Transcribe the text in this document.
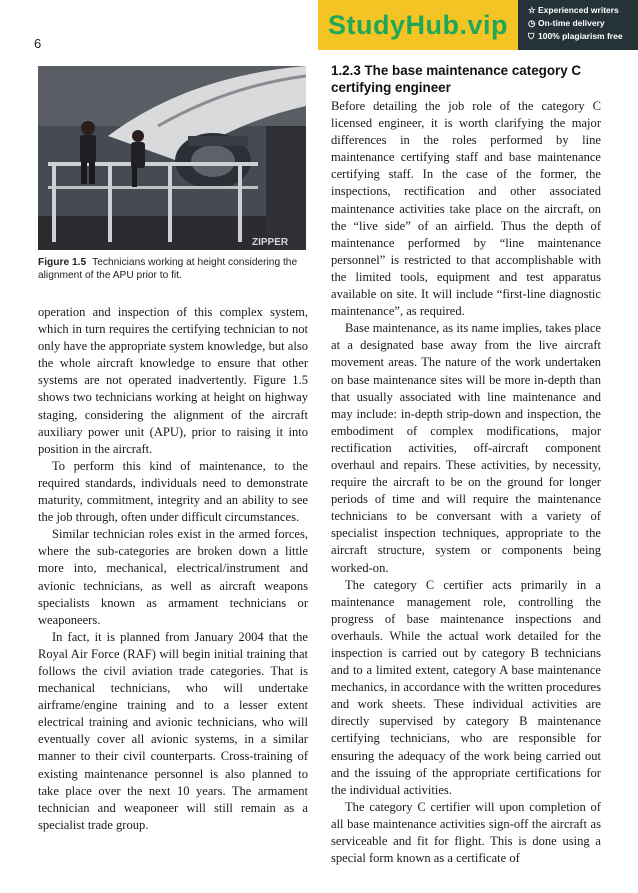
6
StudyHub.vip	☆ Experienced writers
◷ On-time delivery
⛉ 100% plagiarism free
ZIPPER
Figure 1.5 Technicians working at height considering the alignment of the APU prior to fit.

operation and inspection of this complex system, which in turn requires the certifying technician to not only have the appropriate system knowledge, but also the whole aircraft knowledge to ensure that other systems are not operated inadvertently. Figure 1.5 shows two technicians working at height on highway staging, considering the alignment of the aircraft auxiliary power unit (APU), prior to raising it into position in the aircraft.

To perform this kind of maintenance, to the required standards, individuals need to demonstrate maturity, commitment, integrity and an ability to see the job through, often under difficult circumstances.

Similar technician roles exist in the armed forces, where the sub-categories are broken down a little more into, mechanical, electrical/instrument and avionic technicians, as well as aircraft weapons specialists known as armament technicians or weaponeers.

In fact, it is planned from January 2004 that the Royal Air Force (RAF) will begin initial training that follows the civil aviation trade categories. That is mechanical technicians, who will undertake airframe/engine training and to a lesser extent electrical training and avionic technicians, who will eventually cover all avionic systems, in a similar manner to their civil counterparts. Cross-training of existing maintenance personnel is also planned to take place over the next 10 years. The armament technician and weaponeer will still remain as a specialist trade group.

1.2.3 The base maintenance category C certifying engineer

Before detailing the job role of the category C licensed engineer, it is worth clarifying the major differences in the roles performed by line maintenance certifying staff and base maintenance certifying staff. In the case of the former, the inspections, rectification and other associated maintenance activities take place on the aircraft, on the “live side” of an airfield. Thus the depth of maintenance performed by “line maintenance personnel” is restricted to that accomplishable with the limited tools, equipment and test apparatus available on site. It will include “first-line diagnostic maintenance”, as required.

Base maintenance, as its name implies, takes place at a designated base away from the live aircraft movement areas. The nature of the work undertaken on base maintenance sites will be more in-depth than that usually associated with line maintenance and may include: in-depth strip-down and inspection, the embodiment of complex modifications, major rectification activities, off-aircraft component overhaul and repairs. These activities, by necessity, require the aircraft to be on the ground for longer periods of time and will require the maintenance technicians to be conversant with a variety of specialist inspection techniques, appropriate to the aircraft structure, system or components being worked-on.

The category C certifier acts primarily in a maintenance management role, controlling the progress of base maintenance inspections and overhauls. While the actual work detailed for the inspection is carried out by category B technicians and to a limited extent, category A base maintenance mechanics, in accordance with the written procedures and work sheets. These individual activities are directly supervised by category B maintenance certifying technicians, who are responsible for ensuring the adequacy of the work being carried out and the issuing of the appropriate certifications for the individual activities.

The category C certifier will upon completion of all base maintenance activities sign-off the aircraft as serviceable and fit for flight. This is done using a special form known as a certificate of
